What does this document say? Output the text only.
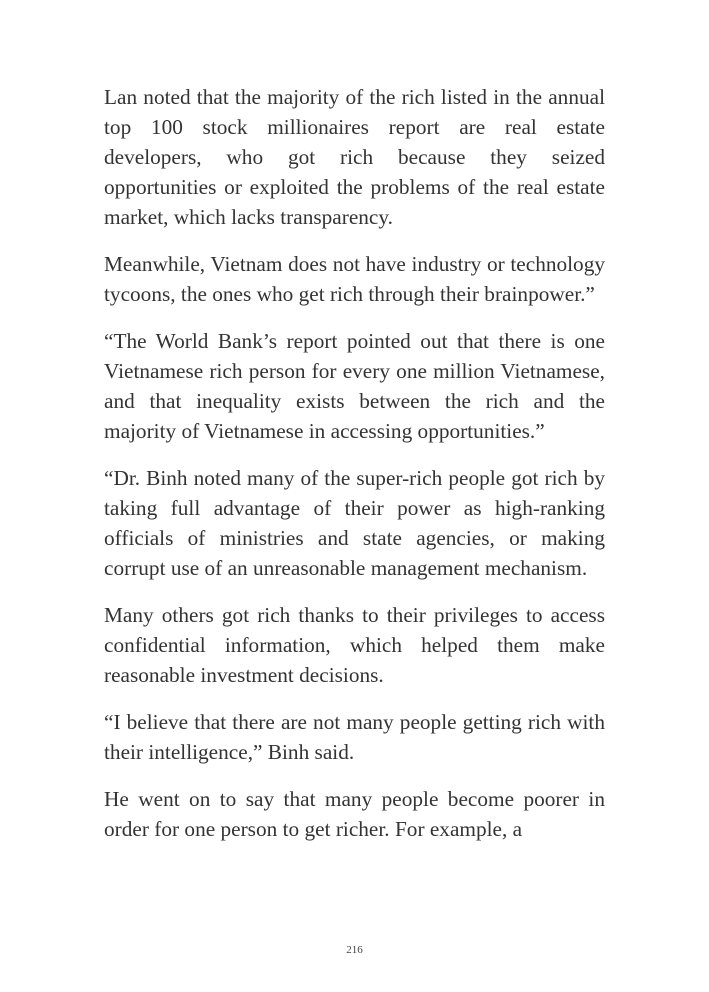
Lan noted that the majority of the rich listed in the annual top 100 stock millionaires report are real estate developers, who got rich because they seized opportunities or exploited the problems of the real estate market, which lacks transparency.

Meanwhile, Vietnam does not have industry or technology tycoons, the ones who get rich through their brainpower.”

“The World Bank’s report pointed out that there is one Vietnamese rich person for every one million Vietnamese, and that inequality exists between the rich and the majority of Vietnamese in accessing opportunities.”

“Dr. Binh noted many of the super-rich people got rich by taking full advantage of their power as high-ranking officials of ministries and state agencies, or making corrupt use of an unreasonable management mechanism.

Many others got rich thanks to their privileges to access confidential information, which helped them make reasonable investment decisions.

“I believe that there are not many people getting rich with their intelligence,” Binh said.

He went on to say that many people become poorer in order for one person to get richer. For example, a

216
